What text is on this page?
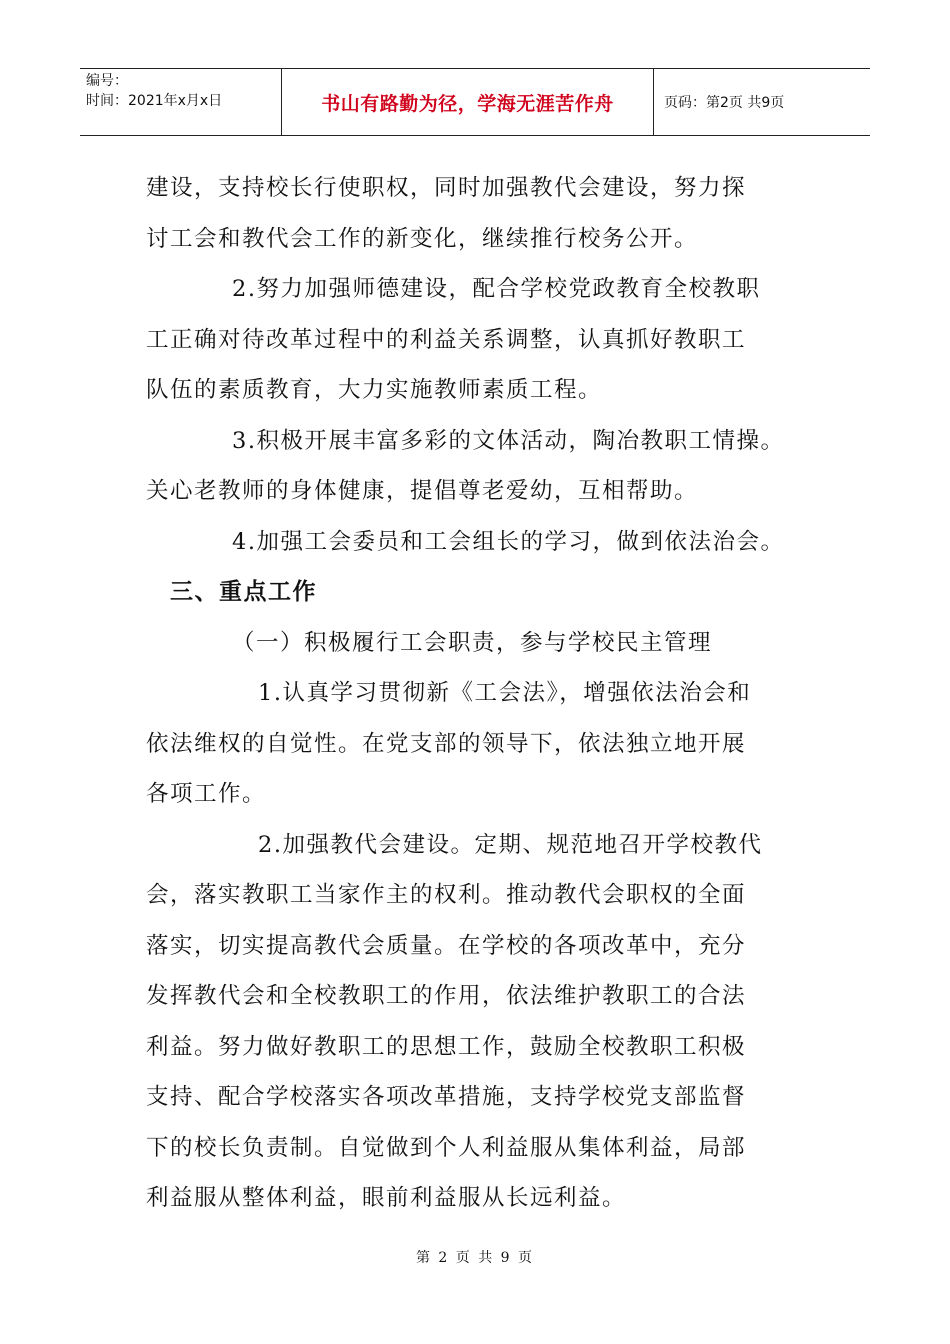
编号：
时间：2021年x月x日	书山有路勤为径，学海无涯苦作舟	页码：第2页 共9页
建设，支持校长行使职权，同时加强教代会建设，努力探
讨工会和教代会工作的新变化，继续推行校务公开。
2.努力加强师德建设，配合学校党政教育全校教职
工正确对待改革过程中的利益关系调整，认真抓好教职工
队伍的素质教育，大力实施教师素质工程。
3.积极开展丰富多彩的文体活动，陶冶教职工情操。
关心老教师的身体健康，提倡尊老爱幼，互相帮助。
4.加强工会委员和工会组长的学习，做到依法治会。
三、重点工作
（一）积极履行工会职责，参与学校民主管理
1.认真学习贯彻新《工会法》，增强依法治会和
依法维权的自觉性。在党支部的领导下，依法独立地开展
各项工作。
2.加强教代会建设。定期、规范地召开学校教代
会，落实教职工当家作主的权利。推动教代会职权的全面
落实，切实提高教代会质量。在学校的各项改革中，充分
发挥教代会和全校教职工的作用，依法维护教职工的合法
利益。努力做好教职工的思想工作，鼓励全校教职工积极
支持、配合学校落实各项改革措施，支持学校党支部监督
下的校长负责制。自觉做到个人利益服从集体利益，局部
利益服从整体利益，眼前利益服从长远利益。
第 2 页 共 9 页
